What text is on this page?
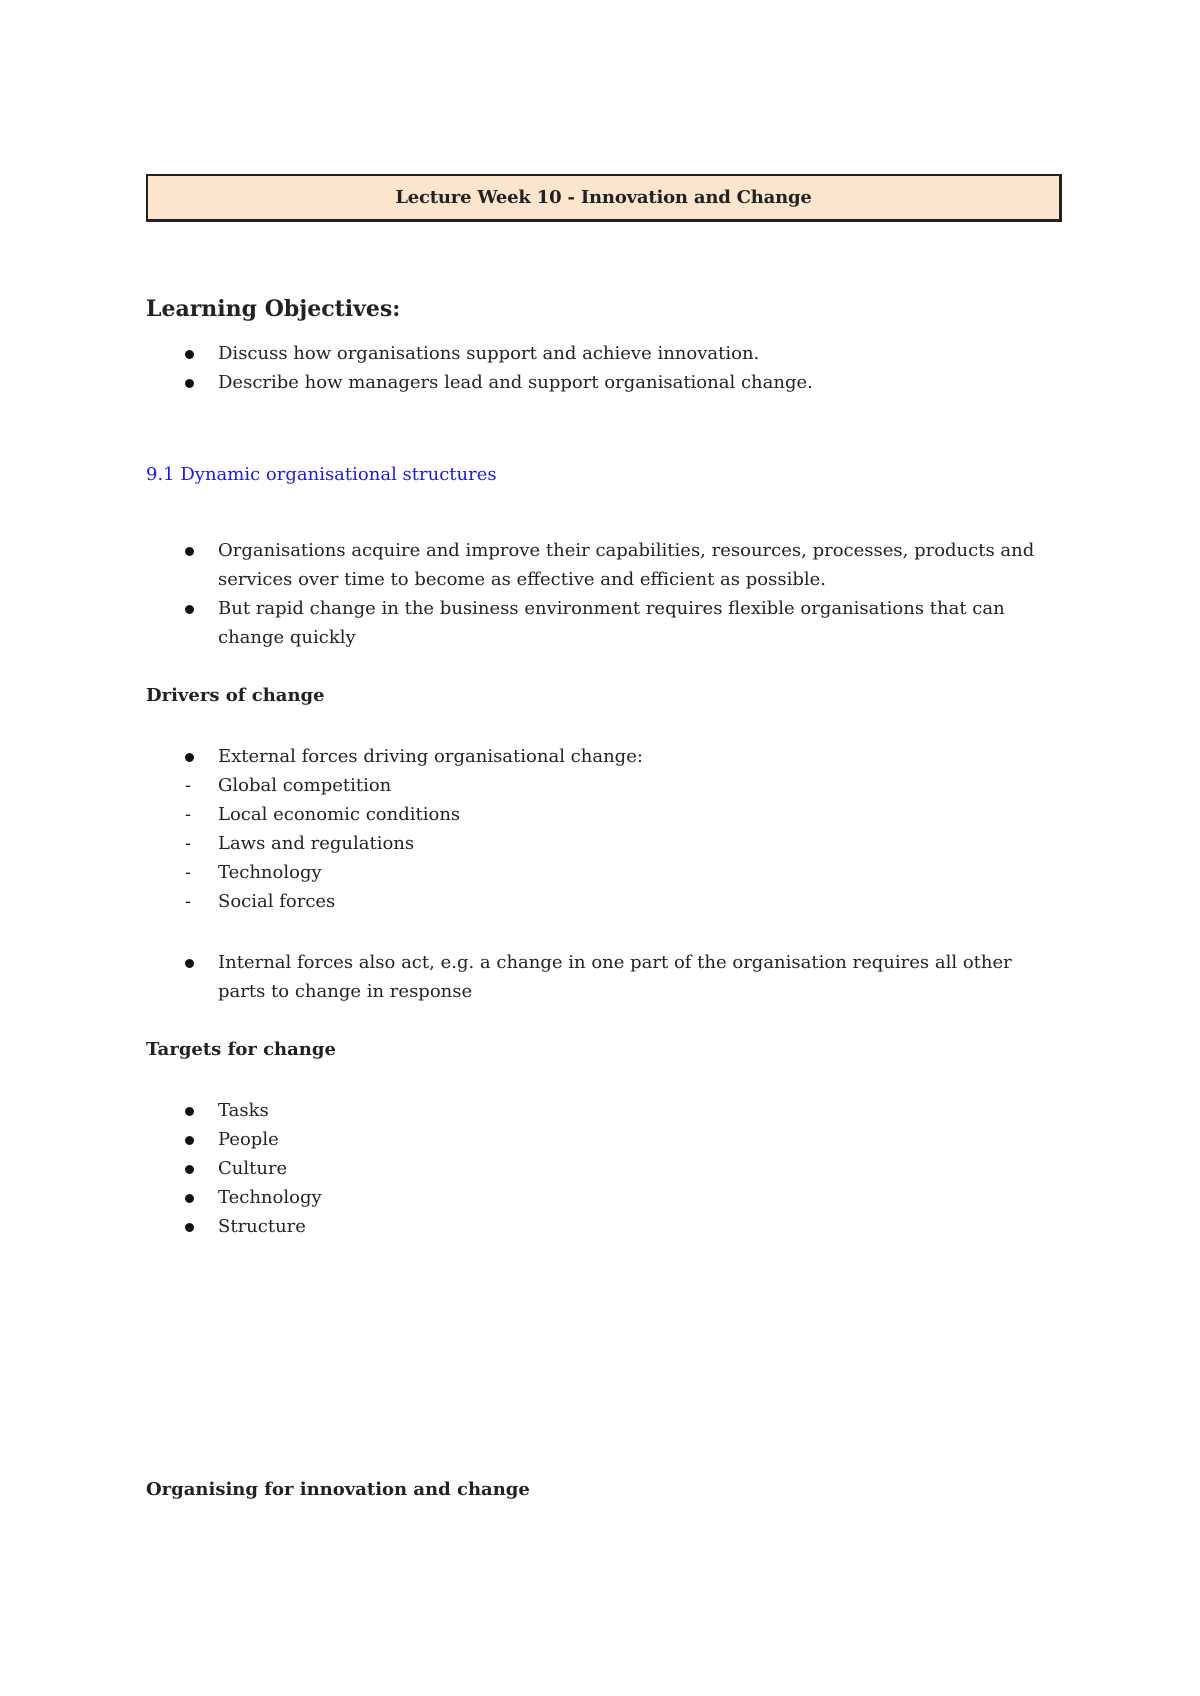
Lecture Week 10 - Innovation and Change
Learning Objectives:
Discuss how organisations support and achieve innovation.
Describe how managers lead and support organisational change.

9.1 Dynamic organisational structures

Organisations acquire and improve their capabilities, resources, processes, products and services over time to become as effective and efficient as possible.
But rapid change in the business environment requires flexible organisations that can change quickly

Drivers of change

External forces driving organisational change:
- Global competition
- Local economic conditions
- Laws and regulations
- Technology
- Social forces
Internal forces also act, e.g. a change in one part of the organisation requires all other parts to change in response

Targets for change

Tasks
People
Culture
Technology
Structure

Organising for innovation and change
